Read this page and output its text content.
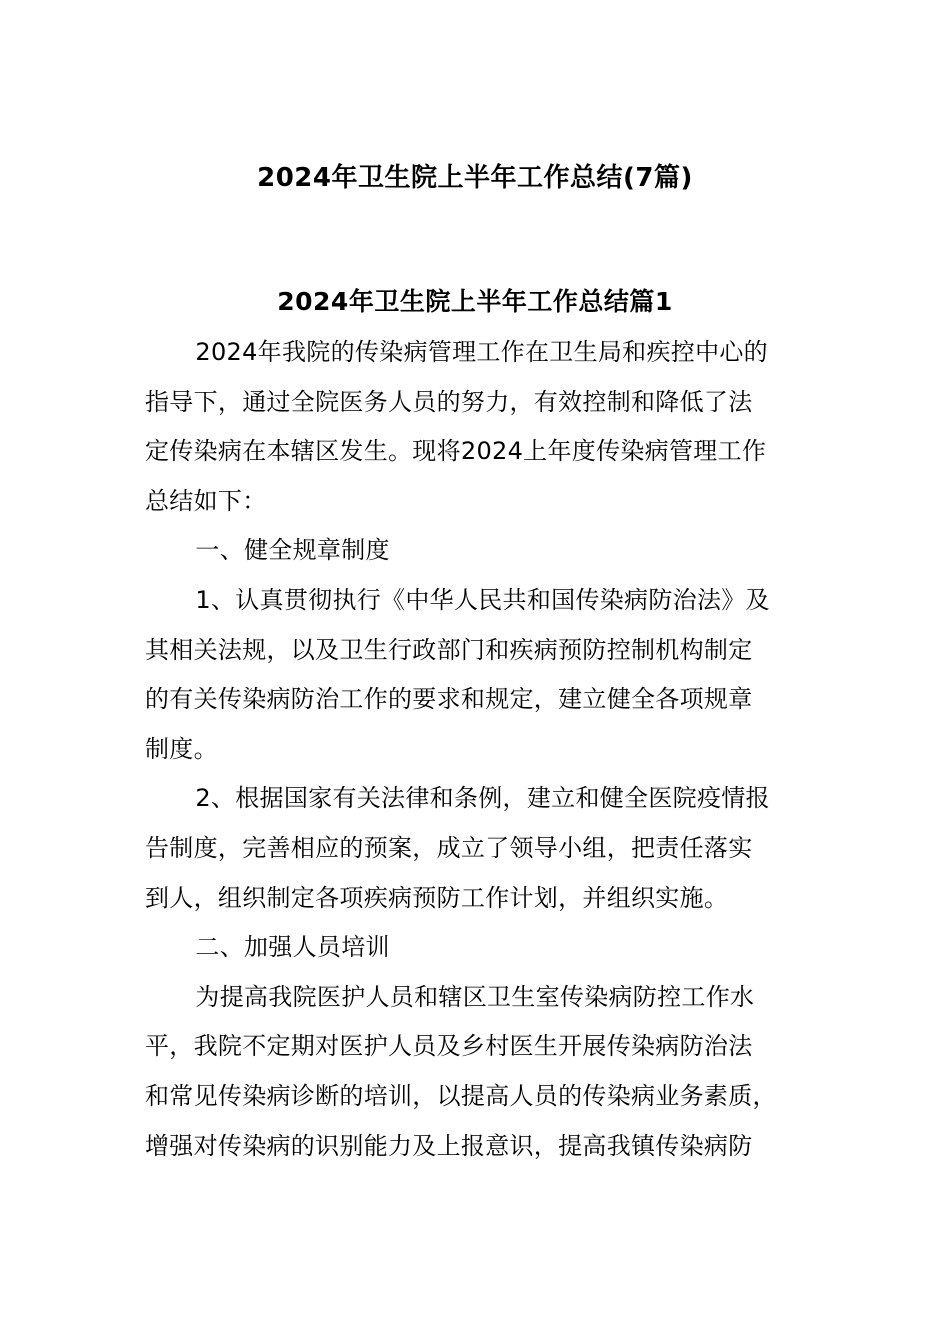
2024年卫生院上半年工作总结(7篇)
2024年卫生院上半年工作总结篇1

2024年我院的传染病管理工作在卫生局和疾控中心的
指导下，通过全院医务人员的努力，有效控制和降低了法
定传染病在本辖区发生。现将2024上年度传染病管理工作
总结如下：

一、健全规章制度

1、认真贯彻执行《中华人民共和国传染病防治法》及
其相关法规，以及卫生行政部门和疾病预防控制机构制定
的有关传染病防治工作的要求和规定，建立健全各项规章
制度。

2、根据国家有关法律和条例，建立和健全医院疫情报
告制度，完善相应的预案，成立了领导小组，把责任落实
到人，组织制定各项疾病预防工作计划，并组织实施。

二、加强人员培训

为提高我院医护人员和辖区卫生室传染病防控工作水
平，我院不定期对医护人员及乡村医生开展传染病防治法
和常见传染病诊断的培训，以提高人员的传染病业务素质，
增强对传染病的识别能力及上报意识，提高我镇传染病防
